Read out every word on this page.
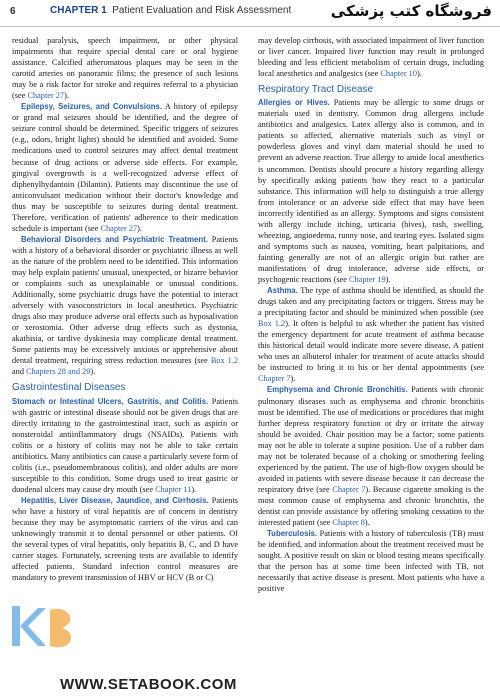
6	CHAPTER 1 Patient Evaluation and Risk Assessment	فروشگاه کتب پزشکی

residual paralysis, speech impairment, or other physical impairments that require special dental care or oral hygiene assistance. Calcified atheromatous plaques may be seen in the carotid arteries on panoramic films; the presence of such lesions may be a risk factor for stroke and requires referral to a physician (see Chapter 27).

Epilepsy, Seizures, and Convulsions. A history of epilepsy or grand mal seizures should be identified, and the degree of seizure control should be determined. Specific triggers of seizures (e.g., odors, bright lights) should be identified and avoided. Some medications used to control seizures may affect dental treatment because of drug actions or adverse side effects. For example, gingival overgrowth is a well-recognized adverse effect of diphenylhydantoin (Dilantin). Patients may discontinue the use of anticonvulsant medication without their doctor's knowledge and thus may be susceptible to seizures during dental treatment. Therefore, verification of patients' adherence to their medication schedule is important (see Chapter 27).

Behavioral Disorders and Psychiatric Treatment. Patients with a history of a behavioral disorder or psychiatric illness as well as the nature of the problem need to be identified. This information may help explain patients' unusual, unexpected, or bizarre behavior or complaints such as unexplainable or unusual conditions. Additionally, some psychiatric drugs have the potential to interact adversely with vasoconstrictors in local anesthetics. Psychiatric drugs also may produce adverse oral effects such as hyposalivation or xerostomia. Other adverse drug effects such as dystonia, akathisia, or tardive dyskinesia may complicate dental treatment. Some patients may be excessively anxious or apprehensive about dental treatment, requiring stress reduction measures (see Box 1.2 and Chapters 28 and 29).

Gastrointestinal Diseases

Stomach or Intestinal Ulcers, Gastritis, and Colitis. Patients with gastric or intestinal disease should not be given drugs that are directly irritating to the gastrointestinal tract, such as aspirin or nonsteroidal antiinflammatory drugs (NSAIDs). Patients with colitis or a history of colitis may not be able to take certain antibiotics. Many antibiotics can cause a particularly severe form of colitis (i.e., pseudomembranous colitis), and older adults are more susceptible to this condition. Some drugs used to treat gastric or duodenal ulcers may cause dry mouth (see Chapter 11).

Hepatitis, Liver Disease, Jaundice, and Cirrhosis. Patients who have a history of viral hepatitis are of concern in dentistry because they may be asymptomatic carriers of the virus and can unknowingly transmit it to dental personnel or other patients. Of the several types of viral hepatitis, only hepatitis B, C, and D have carrier stages. Fortunately, screening tests are available to identify affected patients. Standard infection control measures are mandatory to prevent transmission of HBV or HCV (B or C)

may develop cirrhosis, with associated impairment of liver function or liver cancer. Impaired liver function may result in prolonged bleeding and less efficient metabolism of certain drugs, including local anesthetics and analgesics (see Chapter 10).

Respiratory Tract Disease

Allergies or Hives. Patients may be allergic to some drugs or materials used in dentistry. Common drug allergens include antibiotics and analgesics. Latex allergy also is common, and in patients so affected, alternative materials such as vinyl or powderless gloves and vinyl dam material should be used to prevent an adverse reaction. True allergy to amide local anesthetics is uncommon. Dentists should procure a history regarding allergy by specifically asking patients how they react to a particular substance. This information will help to distinguish a true allergy from intolerance or an adverse side effect that may have been incorrectly identified as an allergy. Symptoms and signs consistent with allergy include itching, urticaria (hives), rash, swelling, wheezing, angioedema, runny nose, and tearing eyes. Isolated signs and symptoms such as nausea, vomiting, heart palpitations, and fainting generally are not of an allergic origin but rather are manifestations of drug intolerance, adverse side effects, or psychogenic reactions (see Chapter 19).

Asthma. The type of asthma should be identified, as should the drugs taken and any precipitating factors or triggers. Stress may be a precipitating factor and should be minimized when possible (see Box 1.2). It often is helpful to ask whether the patient has visited the emergency department for acute treatment of asthma because this historical detail would indicate more severe disease. A patient who uses an albuterol inhaler for treatment of acute attacks should be instructed to bring it to his or her dental appointments (see Chapter 7).

Emphysema and Chronic Bronchitis. Patients with chronic pulmonary diseases such as emphysema and chronic bronchitis must be identified. The use of medications or procedures that might further depress respiratory function or dry or irritate the airway should be avoided. Chair position may be a factor; some patients may not be able to tolerate a supine position. Use of a rubber dam may not be tolerated because of a choking or smothering feeling experienced by the patient. The use of high-flow oxygen should be avoided in patients with severe disease because it can decrease the respiratory drive (see Chapter 7). Because cigarette smoking is the most common cause of emphysema and chronic bronchitis, the dentist can provide assistance by offering smoking cessation to the interested patient (see Chapter 8).

Tuberculosis. Patients with a history of tuberculosis (TB) must be identified, and information about the treatment received must be sought. A positive result on skin or blood testing means specifically that the person has at some time been infected with TB, not necessarily that active disease is present. Most patients who have a positive

WWW.SETABOOK.COM
